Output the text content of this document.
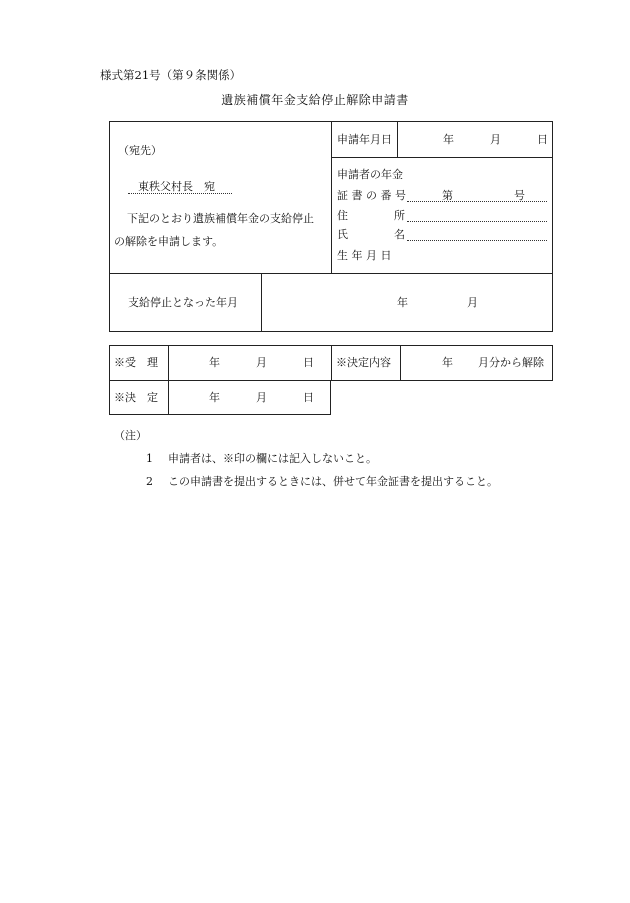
様式第21号（第９条関係）
遺族補償年金支給停止解除申請書
（宛先）
東秩父村長　宛
下記のとおり遺族補償年金の支給停止
の解除を申請します。
申請年月日	年	月	日
申請者の年金
証 書 の 番 号	第	号
住	所
氏	名
生 年 月 日
支給停止となった年月	年	月
※受　理	年	月	日 ※決定内容	年 月分から解除
※決　定	年	月	日
（注）
1 申請者は、※印の欄には記入しないこと。
2 この申請書を提出するときには、併せて年金証書を提出すること。
